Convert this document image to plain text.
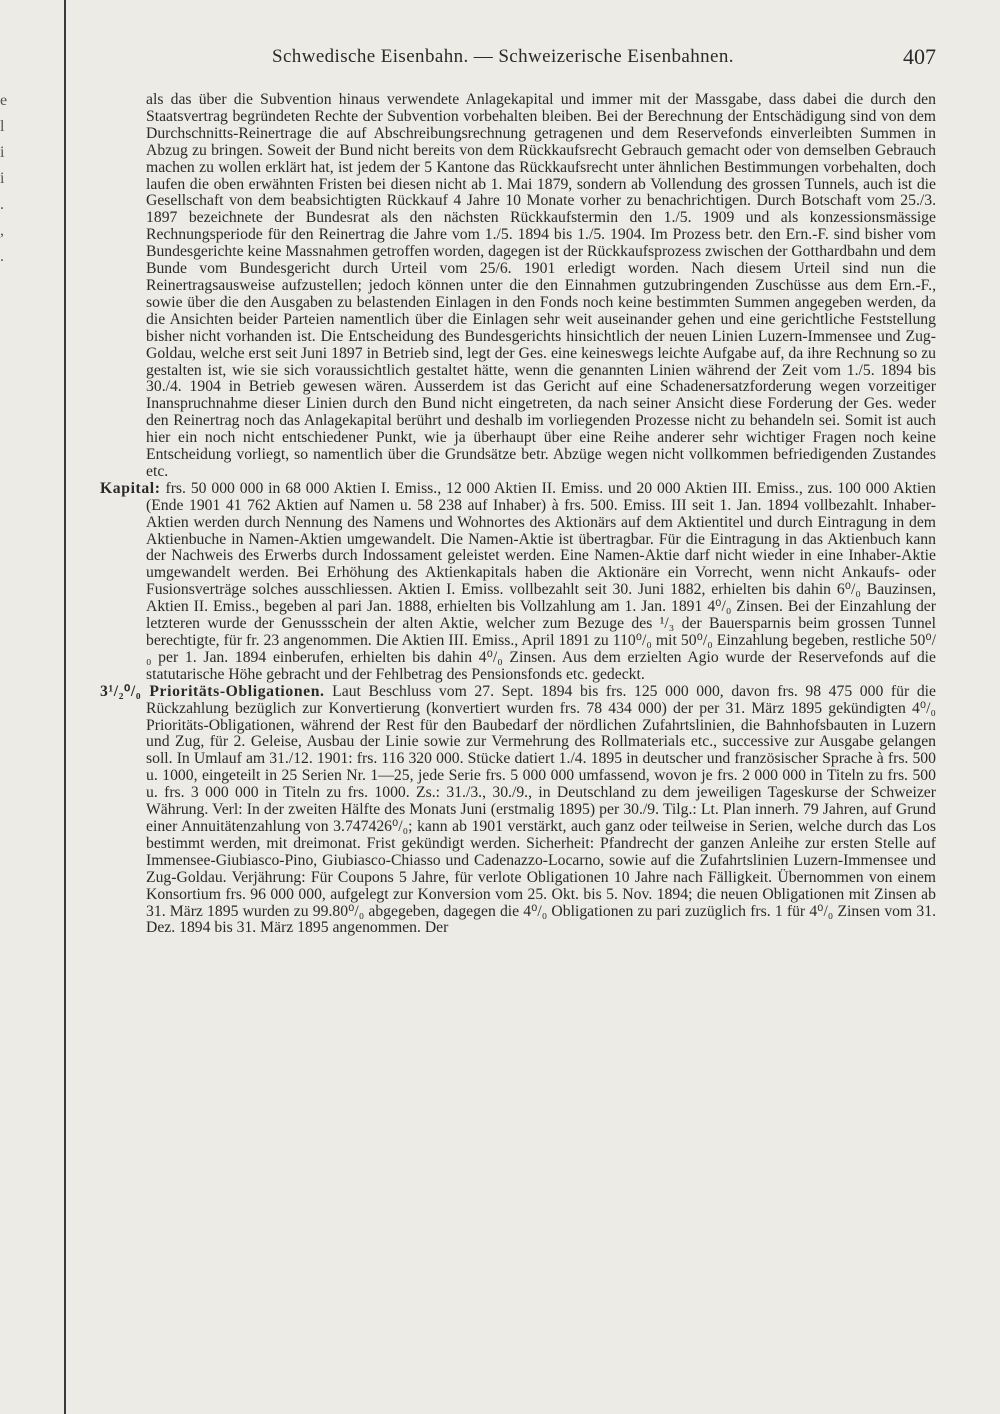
e
l
i
i
.
,
.
Schwedische Eisenbahn. — Schweizerische Eisenbahnen.	407

als das über die Subvention hinaus verwendete Anlagekapital und immer mit der Massgabe, dass dabei die durch den Staatsvertrag begründeten Rechte der Subvention vorbehalten bleiben. Bei der Berechnung der Entschädigung sind von dem Durchschnitts-Reinertrage die auf Abschreibungsrechnung getragenen und dem Reservefonds einverleibten Summen in Abzug zu bringen. Soweit der Bund nicht bereits von dem Rückkaufsrecht Gebrauch gemacht oder von demselben Gebrauch machen zu wollen erklärt hat, ist jedem der 5 Kantone das Rückkaufsrecht unter ähnlichen Bestimmungen vorbehalten, doch laufen die oben erwähnten Fristen bei diesen nicht ab 1. Mai 1879, sondern ab Vollendung des grossen Tunnels, auch ist die Gesellschaft von dem beabsichtigten Rückkauf 4 Jahre 10 Monate vorher zu benachrichtigen. Durch Botschaft vom 25./3. 1897 bezeichnete der Bundesrat als den nächsten Rückkaufstermin den 1./5. 1909 und als konzessionsmässige Rechnungsperiode für den Reinertrag die Jahre vom 1./5. 1894 bis 1./5. 1904. Im Prozess betr. den Ern.-F. sind bisher vom Bundesgerichte keine Massnahmen getroffen worden, dagegen ist der Rückkaufsprozess zwischen der Gotthardbahn und dem Bunde vom Bundesgericht durch Urteil vom 25/6. 1901 erledigt worden. Nach diesem Urteil sind nun die Reinertragsausweise aufzustellen; jedoch können unter die den Einnahmen gutzubringenden Zuschüsse aus dem Ern.-F., sowie über die den Ausgaben zu belastenden Einlagen in den Fonds noch keine bestimmten Summen angegeben werden, da die Ansichten beider Parteien namentlich über die Einlagen sehr weit auseinander gehen und eine gerichtliche Feststellung bisher nicht vorhanden ist. Die Entscheidung des Bundesgerichts hinsichtlich der neuen Linien Luzern-Immensee und Zug-Goldau, welche erst seit Juni 1897 in Betrieb sind, legt der Ges. eine keineswegs leichte Aufgabe auf, da ihre Rechnung so zu gestalten ist, wie sie sich voraussichtlich gestaltet hätte, wenn die genannten Linien während der Zeit vom 1./5. 1894 bis 30./4. 1904 in Betrieb gewesen wären. Ausserdem ist das Gericht auf eine Schadenersatzforderung wegen vorzeitiger Inanspruchnahme dieser Linien durch den Bund nicht eingetreten, da nach seiner Ansicht diese Forderung der Ges. weder den Reinertrag noch das Anlagekapital berührt und deshalb im vorliegenden Prozesse nicht zu behandeln sei. Somit ist auch hier ein noch nicht entschiedener Punkt, wie ja überhaupt über eine Reihe anderer sehr wichtiger Fragen noch keine Entscheidung vorliegt, so namentlich über die Grundsätze betr. Abzüge wegen nicht vollkommen befriedigenden Zustandes etc.

Kapital: frs. 50 000 000 in 68 000 Aktien I. Emiss., 12 000 Aktien II. Emiss. und 20 000 Aktien III. Emiss., zus. 100 000 Aktien (Ende 1901 41 762 Aktien auf Namen u. 58 238 auf Inhaber) à frs. 500. Emiss. III seit 1. Jan. 1894 vollbezahlt. Inhaber-Aktien werden durch Nennung des Namens und Wohnortes des Aktionärs auf dem Aktientitel und durch Eintragung in dem Aktienbuche in Namen-Aktien umgewandelt. Die Namen-Aktie ist übertragbar. Für die Eintragung in das Aktienbuch kann der Nachweis des Erwerbs durch Indossament geleistet werden. Eine Namen-Aktie darf nicht wieder in eine Inhaber-Aktie umgewandelt werden. Bei Erhöhung des Aktienkapitals haben die Aktionäre ein Vorrecht, wenn nicht Ankaufs- oder Fusionsverträge solches ausschliessen. Aktien I. Emiss. vollbezahlt seit 30. Juni 1882, erhielten bis dahin 6⁰/₀ Bauzinsen, Aktien II. Emiss., begeben al pari Jan. 1888, erhielten bis Vollzahlung am 1. Jan. 1891 4⁰/₀ Zinsen. Bei der Einzahlung der letzteren wurde der Genussschein der alten Aktie, welcher zum Bezuge des ¹/₃ der Bauersparnis beim grossen Tunnel berechtigte, für fr. 23 angenommen. Die Aktien III. Emiss., April 1891 zu 110⁰/₀ mit 50⁰/₀ Einzahlung begeben, restliche 50⁰/₀ per 1. Jan. 1894 einberufen, erhielten bis dahin 4⁰/₀ Zinsen. Aus dem erzielten Agio wurde der Reservefonds auf die statutarische Höhe gebracht und der Fehlbetrag des Pensionsfonds etc. gedeckt.

3¹/₂⁰/₀ Prioritäts-Obligationen. Laut Beschluss vom 27. Sept. 1894 bis frs. 125 000 000, davon frs. 98 475 000 für die Rückzahlung bezüglich zur Konvertierung (konvertiert wurden frs. 78 434 000) der per 31. März 1895 gekündigten 4⁰/₀ Prioritäts-Obligationen, während der Rest für den Baubedarf der nördlichen Zufahrtslinien, die Bahnhofsbauten in Luzern und Zug, für 2. Geleise, Ausbau der Linie sowie zur Vermehrung des Rollmaterials etc., successive zur Ausgabe gelangen soll. In Umlauf am 31./12. 1901: frs. 116 320 000. Stücke datiert 1./4. 1895 in deutscher und französischer Sprache à frs. 500 u. 1000, eingeteilt in 25 Serien Nr. 1—25, jede Serie frs. 5 000 000 umfassend, wovon je frs. 2 000 000 in Titeln zu frs. 500 u. frs. 3 000 000 in Titeln zu frs. 1000. Zs.: 31./3., 30./9., in Deutschland zu dem jeweiligen Tageskurse der Schweizer Währung. Verl: In der zweiten Hälfte des Monats Juni (erstmalig 1895) per 30./9. Tilg.: Lt. Plan innerh. 79 Jahren, auf Grund einer Annuitätenzahlung von 3.747426⁰/₀; kann ab 1901 verstärkt, auch ganz oder teilweise in Serien, welche durch das Los bestimmt werden, mit dreimonat. Frist gekündigt werden. Sicherheit: Pfandrecht der ganzen Anleihe zur ersten Stelle auf Immensee-Giubiasco-Pino, Giubiasco-Chiasso und Cadenazzo-Locarno, sowie auf die Zufahrtslinien Luzern-Immensee und Zug-Goldau. Verjährung: Für Coupons 5 Jahre, für verlote Obligationen 10 Jahre nach Fälligkeit. Übernommen von einem Konsortium frs. 96 000 000, aufgelegt zur Konversion vom 25. Okt. bis 5. Nov. 1894; die neuen Obligationen mit Zinsen ab 31. März 1895 wurden zu 99.80⁰/₀ abgegeben, dagegen die 4⁰/₀ Obligationen zu pari zuzüglich frs. 1 für 4⁰/₀ Zinsen vom 31. Dez. 1894 bis 31. März 1895 angenommen. Der
